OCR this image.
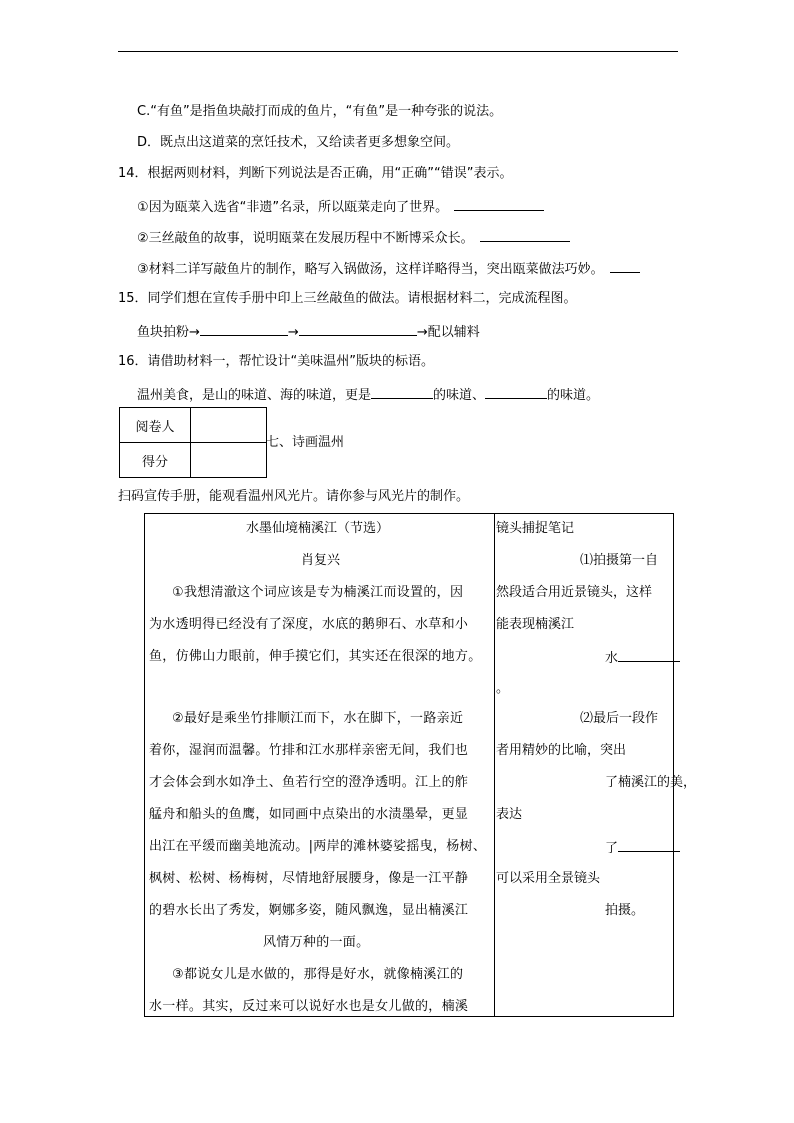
C.“有鱼”是指鱼块敲打而成的鱼片，“有鱼”是一种夸张的说法。
D．既点出这道菜的烹饪技术，又给读者更多想象空间。
14．根据两则材料，判断下列说法是否正确，用“正确”“错误”表示。
①因为瓯菜入选省“非遗”名录，所以瓯菜走向了世界。
②三丝敲鱼的故事，说明瓯菜在发展历程中不断博采众长。
③材料二详写敲鱼片的制作，略写入锅做汤，这样详略得当，突出瓯菜做法巧妙。
15．同学们想在宣传手册中印上三丝敲鱼的做法。请根据材料二，完成流程图。
鱼块拍粉→	→	→配以辅料
16．请借助材料一，帮忙设计“美味温州”版块的标语。
温州美食，是山的味道、海的味道，更是	的味道、	的味道。
阅卷人	
得分	
七、诗画温州
扫码宣传手册，能观看温州风光片。请你参与风光片的制作。
水墨仙境楠溪江（节选）
肖复兴
①我想清澈这个词应该是专为楠溪江而设置的，因
为水透明得已经没有了深度，水底的鹅卵石、水草和小
鱼，仿佛山力眼前，伸手摸它们，其实还在很深的地方。
②最好是乘坐竹排顺江而下，水在脚下，一路亲近
着你，湿润而温馨。竹排和江水那样亲密无间，我们也
才会体会到水如净土、鱼若行空的澄净透明。江上的舴
艋舟和船头的鱼鹰，如同画中点染出的水渍墨晕，更显
出江在平缓而幽美地流动。|两岸的滩林婆娑摇曳，杨树、
枫树、松树、杨梅树，尽情地舒展腰身，像是一江平静
的碧水长出了秀发，婀娜多姿，随风飘逸，显出楠溪江
风情万种的一面。
③都说女儿是水做的，那得是好水，就像楠溪江的
水一样。其实，反过来可以说好水也是女儿做的，楠溪
镜头捕捉笔记
⑴拍摄第一自
然段适合用近景镜头，这样
能表现楠溪江
水
。
⑵最后一段作
者用精妙的比喻，突出
了楠溪江的美，
表达
了
可以采用全景镜头
拍摄。
